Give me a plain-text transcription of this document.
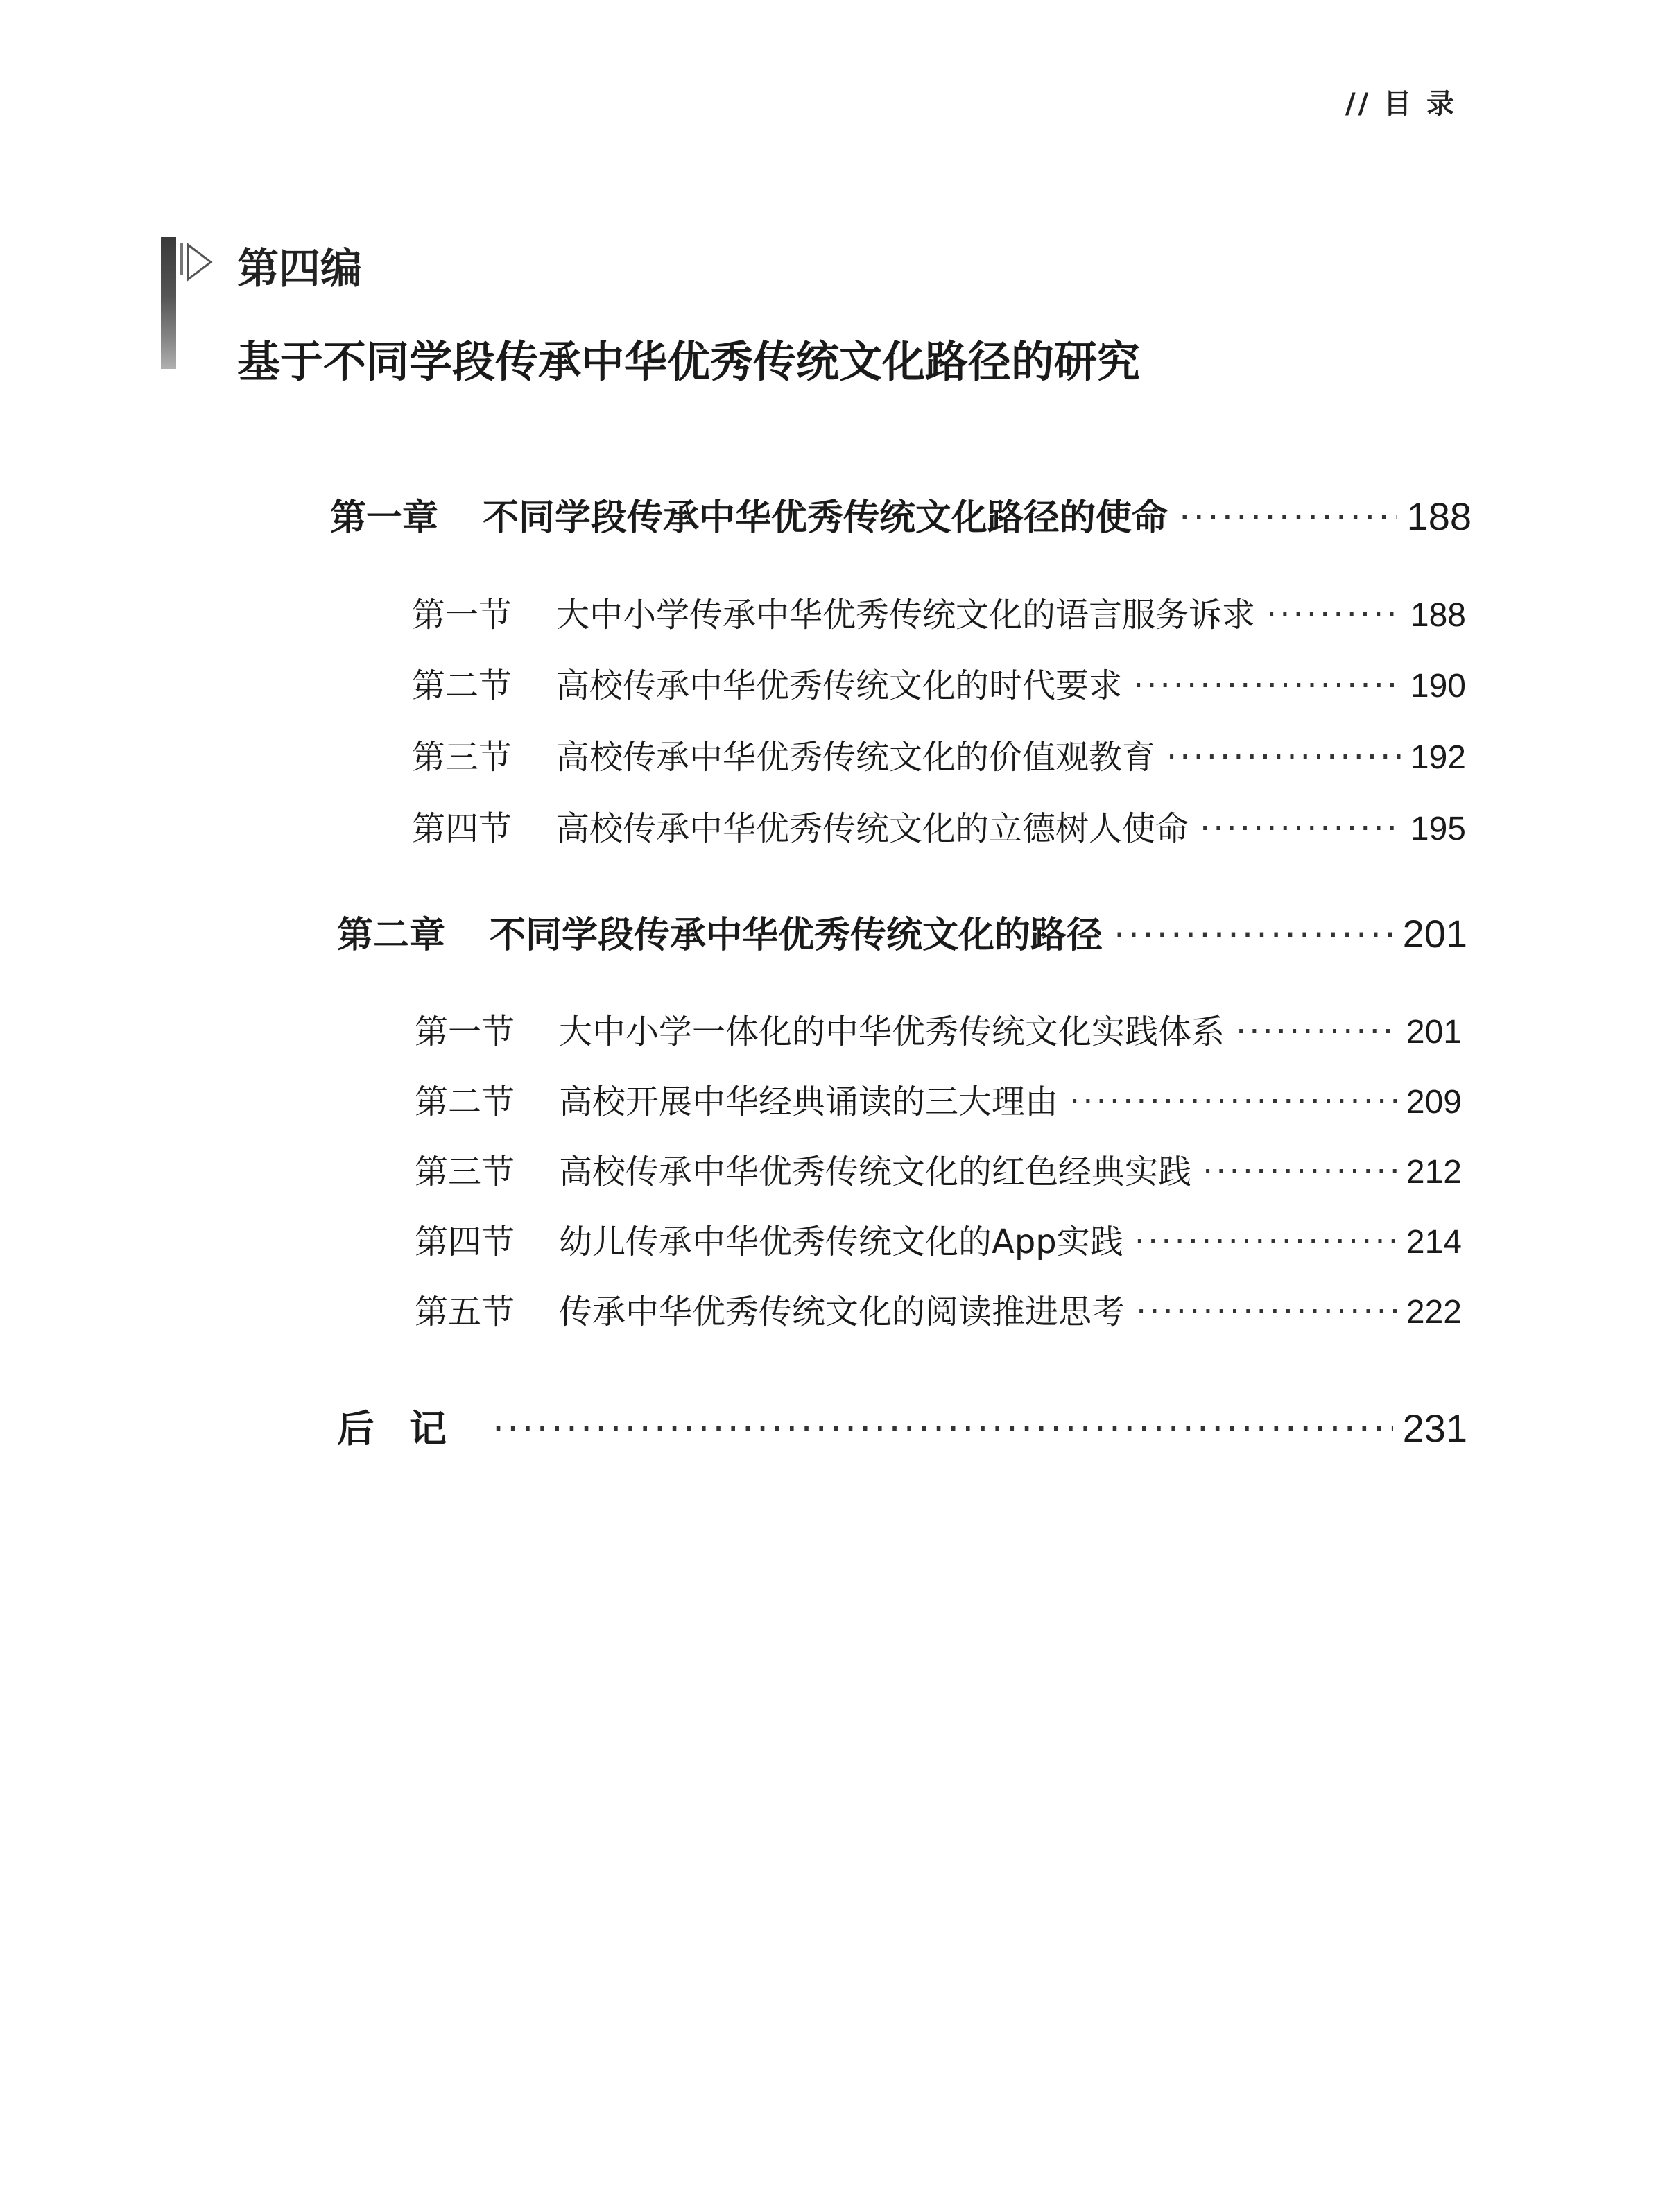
// 目 录
第四编
基于不同学段传承中华优秀传统文化路径的研究
第一章	不同学段传承中华优秀传统文化路径的使命 ·····	188
第一节	大中小学传承中华优秀传统文化的语言服务诉求 ·····	188
第二节	高校传承中华优秀传统文化的时代要求 ·····	190
第三节	高校传承中华优秀传统文化的价值观教育 ·····	192
第四节	高校传承中华优秀传统文化的立德树人使命 ·····	195
第二章	不同学段传承中华优秀传统文化的路径 ·····	201
第一节	大中小学一体化的中华优秀传统文化实践体系 ·····	201
第二节	高校开展中华经典诵读的三大理由 ·····	209
第三节	高校传承中华优秀传统文化的红色经典实践 ·····	212
第四节	幼儿传承中华优秀传统文化的App实践 ·····	214
第五节	传承中华优秀传统文化的阅读推进思考 ·····	222
后记 ·····	231
